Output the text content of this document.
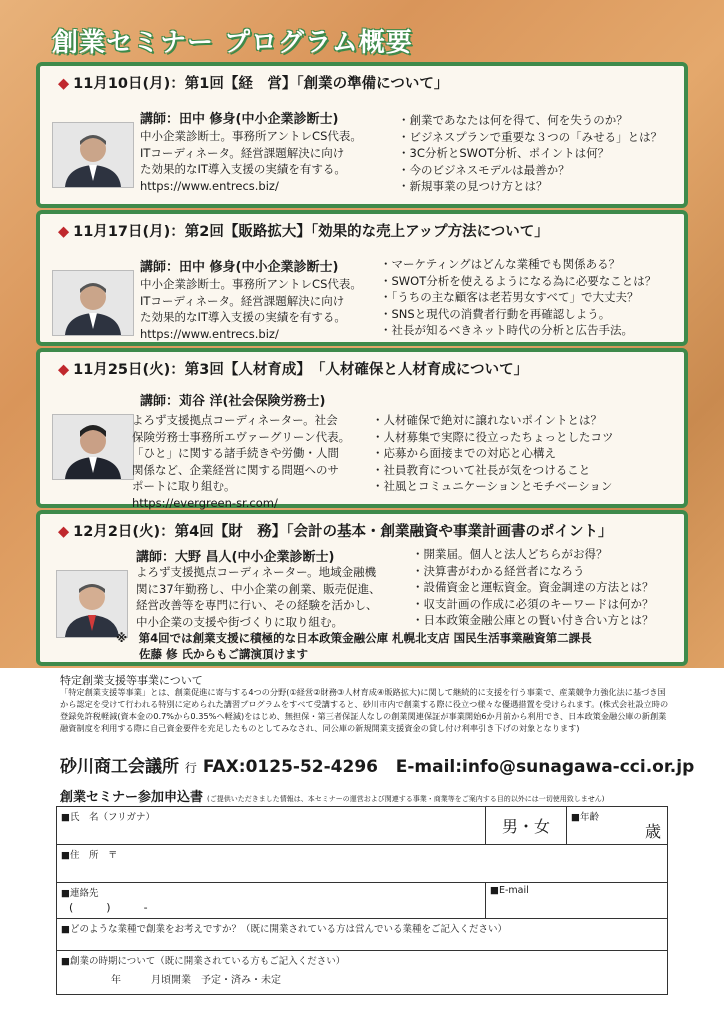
創業セミナー プログラム概要
◆ 11月10日(月)：第1回【経　営】「創業の準備について」
講師：田中 修身(中小企業診断士)
中小企業診断士。事務所アントレCS代表。
ITコーディネータ。経営課題解決に向け
た効果的なIT導入支援の実績を有する。
https://www.entrecs.biz/
・創業であなたは何を得て、何を失うのか？
・ビジネスプランで重要な３つの「みせる」とは？
・3C分析とSWOT分析、ポイントは何？
・今のビジネスモデルは最善か？
・新規事業の見つけ方とは？
◆ 11月17日(月)：第2回【販路拡大】「効果的な売上アップ方法について」
講師：田中 修身(中小企業診断士)
中小企業診断士。事務所アントレCS代表。
ITコーディネータ。経営課題解決に向け
た効果的なIT導入支援の実績を有する。
https://www.entrecs.biz/
・マーケティングはどんな業種でも関係ある？
・SWOT分析を使えるようになる為に必要なことは？
・「うちの主な顧客は老若男女すべて」で大丈夫？
・SNSと現代の消費者行動を再確認しよう。
・社長が知るべきネット時代の分析と広告手法。
◆ 11月25日(火)：第3回【人材育成】　「人材確保と人材育成について」
講師：苅谷 洋(社会保険労務士)
よろず支援拠点コーディネーター。社会
保険労務士事務所エヴァーグリーン代表。
「ひと」に関する諸手続きや労働・人間
関係など、企業経営に関する問題へのサ
ポートに取り組む。
https://evergreen-sr.com/
・人材確保で絶対に譲れないポイントとは？
・人材募集で実際に役立ったちょっとしたコツ
・応募から面接までの対応と心構え
・社員教育について社長が気をつけること
・社風とコミュニケーションとモチベーション
◆ 12月2日(火)：第4回【財　務】「会計の基本・創業融資や事業計画書のポイント」
講師：大野 昌人(中小企業診断士)
よろず支援拠点コーディネーター。地域金融機
関に37年勤務し、中小企業の創業、販売促進、
経営改善等を専門に行い、その経験を活かし、
中小企業の支援や街づくりに取り組む。
・開業届。個人と法人どちらがお得？
・決算書がわかる経営者になろう
・設備資金と運転資金。資金調達の方法とは？
・収支計画の作成に必須のキーワードは何か？
・日本政策金融公庫との賢い付き合い方とは？
※　第4回では創業支援に積極的な日本政策金融公庫 札幌北支店 国民生活事業融資第二課長
　　佐藤 修 氏からもご講演頂けます
特定創業支援等事業について
「特定創業支援等事業」とは、創業促進に寄与する4つの分野(①経営②財務③人材育成④販路拡大)に関して継続的に支援を行う事業で、産業競争力強化法に基づき国から認定を受けて行われる特別に定められた講習プログラムをすべて受講すると、砂川市内で創業する際に役立つ様々な優遇措置を受けられます。(株式会社設立時の登録免許税軽減(資本金の0.7%から0.35%へ軽減)をはじめ、無担保・第三者保証人なしの創業関連保証が事業開始6か月前から利用でき、日本政策金融公庫の新創業融資制度を利用する際に自己資金要件を充足したものとしてみなされ、同公庫の新規開業支援資金の貸し付け利率引き下げの対象となります)
砂川商工会議所 行 FAX:0125-52-4296 E-mail:info@sunagawa-cci.or.jp
創業セミナー参加申込書 (ご提供いただきました情報は、本セミナーの運営および関連する事業・商業等をご案内する目的以外には一切使用致しません)
■氏　名（フリガナ）	男・女	■年齢
歳

■住　所　〒		

■連絡先
(　　　)　　　-	■E-mail	
■どのような業種で創業をお考えですか？（既に開業されている方は営んでいる業種をご記入ください）		

■創業の時期について（既に開業されている方もご記入ください）
年　　　月頃開業　予定・済み・未定		
